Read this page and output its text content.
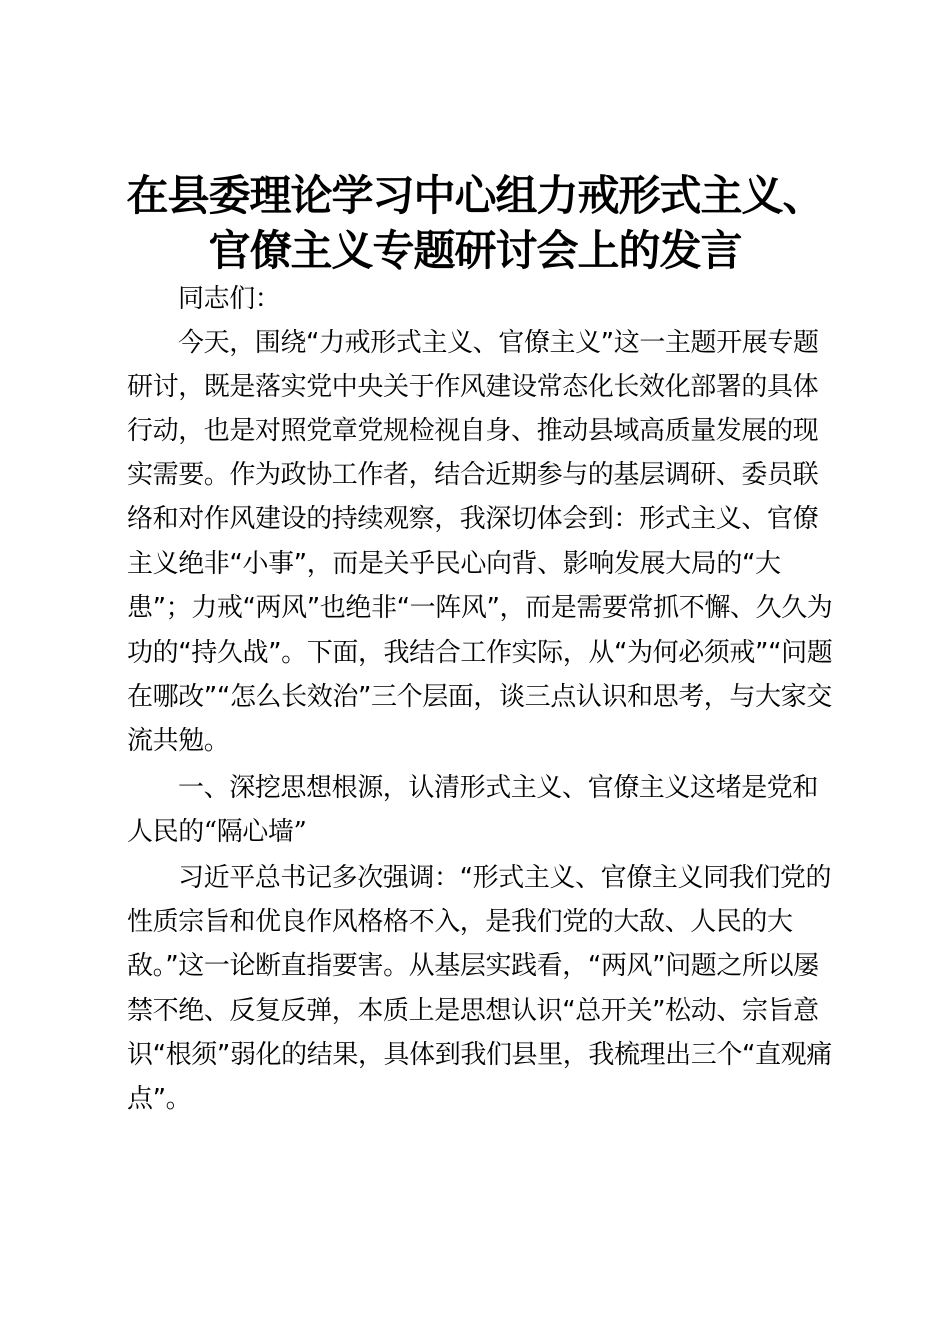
在县委理论学习中心组力戒形式主义、
官僚主义专题研讨会上的发言
同志们：
今天，围绕“力戒形式主义、官僚主义”这一主题开展专题
研讨，既是落实党中央关于作风建设常态化长效化部署的具体
行动，也是对照党章党规检视自身、推动县域高质量发展的现
实需要。作为政协工作者，结合近期参与的基层调研、委员联
络和对作风建设的持续观察，我深切体会到：形式主义、官僚
主义绝非“小事”，而是关乎民心向背、影响发展大局的“大
患”；力戒“两风”也绝非“一阵风”，而是需要常抓不懈、久久为
功的“持久战”。下面，我结合工作实际，从“为何必须戒”“问题
在哪改”“怎么长效治”三个层面，谈三点认识和思考，与大家交
流共勉。
一、深挖思想根源，认清形式主义、官僚主义这堵是党和
人民的“隔心墙”
习近平总书记多次强调：“形式主义、官僚主义同我们党的
性质宗旨和优良作风格格不入，是我们党的大敌、人民的大
敌。”这一论断直指要害。从基层实践看，“两风”问题之所以屡
禁不绝、反复反弹，本质上是思想认识“总开关”松动、宗旨意
识“根须”弱化的结果，具体到我们县里，我梳理出三个“直观痛
点”。
